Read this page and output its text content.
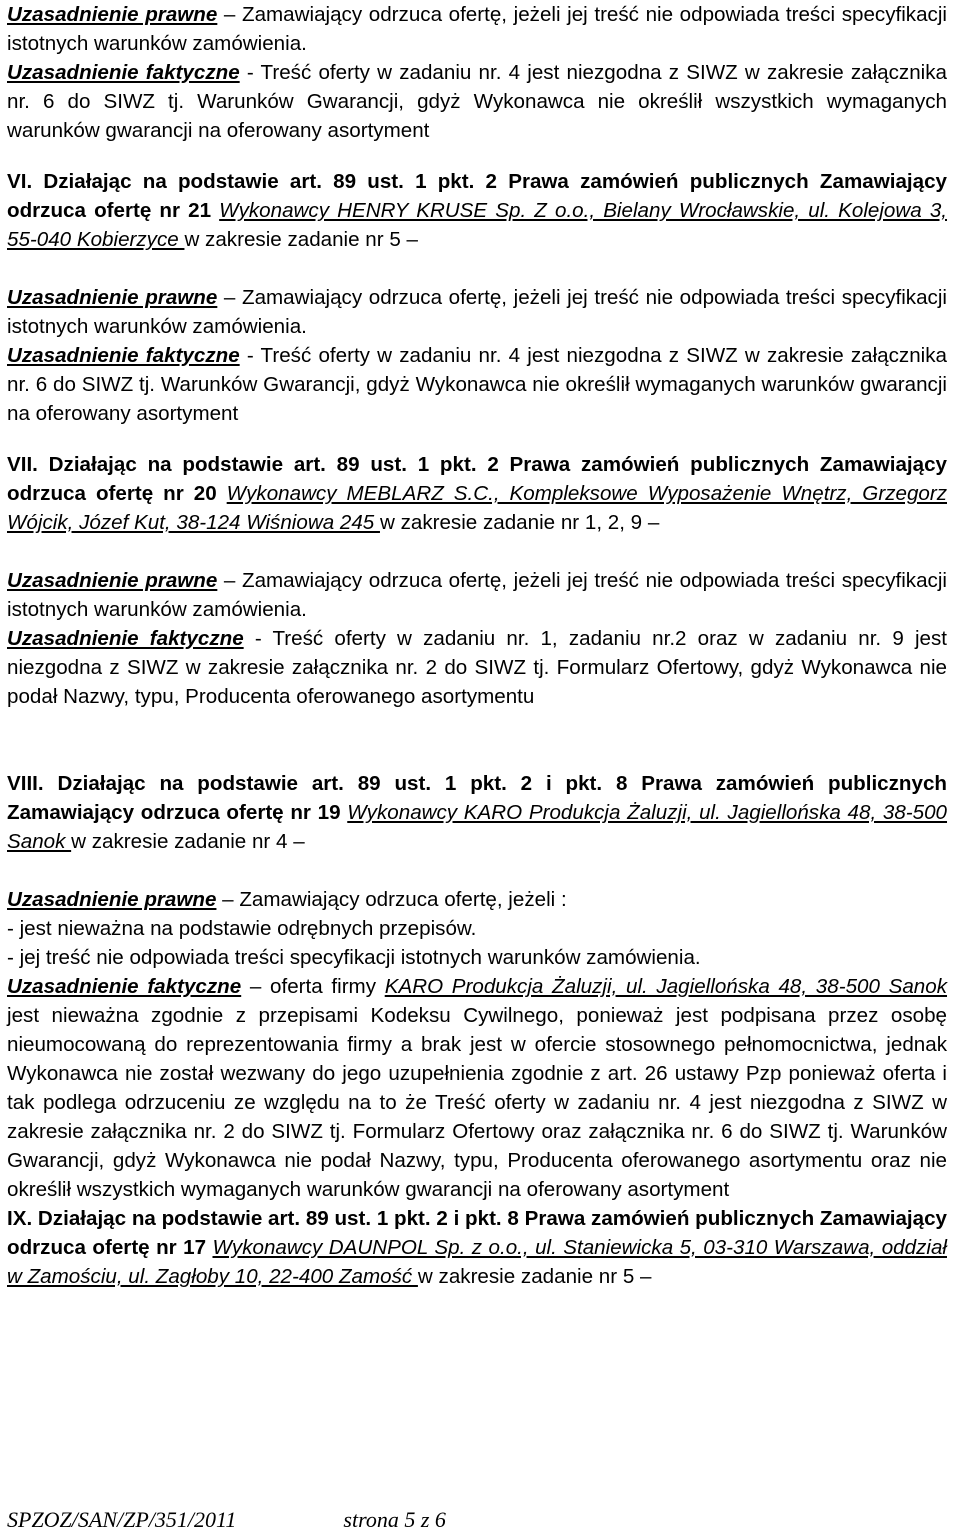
Uzasadnienie prawne – Zamawiający odrzuca ofertę, jeżeli jej treść nie odpowiada treści specyfikacji istotnych warunków zamówienia.
Uzasadnienie faktyczne - Treść oferty w zadaniu nr. 4 jest niezgodna z SIWZ w zakresie załącznika nr. 6 do SIWZ tj. Warunków Gwarancji, gdyż Wykonawca nie określił wszystkich wymaganych warunków gwarancji na oferowany asortyment
VI. Działając na podstawie art. 89 ust. 1 pkt. 2 Prawa zamówień publicznych Zamawiający odrzuca ofertę nr 21 Wykonawcy HENRY KRUSE Sp. Z o.o., Bielany Wrocławskie, ul. Kolejowa 3, 55-040 Kobierzyce w zakresie zadanie nr 5 –
Uzasadnienie prawne – Zamawiający odrzuca ofertę, jeżeli jej treść nie odpowiada treści specyfikacji istotnych warunków zamówienia.
Uzasadnienie faktyczne - Treść oferty w zadaniu nr. 4 jest niezgodna z SIWZ w zakresie załącznika nr. 6 do SIWZ tj. Warunków Gwarancji, gdyż Wykonawca nie określił wymaganych warunków gwarancji na oferowany asortyment
VII. Działając na podstawie art. 89 ust. 1 pkt. 2 Prawa zamówień publicznych Zamawiający odrzuca ofertę nr 20 Wykonawcy MEBLARZ S.C., Kompleksowe Wyposażenie Wnętrz, Grzegorz Wójcik, Józef Kut, 38-124 Wiśniowa 245 w zakresie zadanie nr 1, 2, 9 –
Uzasadnienie prawne – Zamawiający odrzuca ofertę, jeżeli jej treść nie odpowiada treści specyfikacji istotnych warunków zamówienia.
Uzasadnienie faktyczne - Treść oferty w zadaniu nr. 1, zadaniu nr.2 oraz w zadaniu nr. 9 jest niezgodna z SIWZ w zakresie załącznika nr. 2 do SIWZ tj. Formularz Ofertowy, gdyż Wykonawca nie podał Nazwy, typu, Producenta oferowanego asortymentu
VIII. Działając na podstawie art. 89 ust. 1 pkt. 2 i pkt. 8 Prawa zamówień publicznych Zamawiający odrzuca ofertę nr 19 Wykonawcy KARO Produkcja Żaluzji, ul. Jagiellońska 48, 38-500 Sanok w zakresie zadanie nr 4 –
Uzasadnienie prawne – Zamawiający odrzuca ofertę, jeżeli :
- jest nieważna na podstawie odrębnych przepisów.
- jej treść nie odpowiada treści specyfikacji istotnych warunków zamówienia.
Uzasadnienie faktyczne – oferta firmy KARO Produkcja Żaluzji, ul. Jagiellońska 48, 38-500 Sanok jest nieważna zgodnie z przepisami Kodeksu Cywilnego, ponieważ jest podpisana przez osobę nieumocowaną do reprezentowania firmy a brak jest w ofercie stosownego pełnomocnictwa, jednak Wykonawca nie został wezwany do jego uzupełnienia zgodnie z art. 26 ustawy Pzp ponieważ oferta i tak podlega odrzuceniu ze względu na to że Treść oferty w zadaniu nr. 4 jest niezgodna z SIWZ w zakresie załącznika nr. 2 do SIWZ tj. Formularz Ofertowy oraz załącznika nr. 6 do SIWZ tj. Warunków Gwarancji, gdyż Wykonawca nie podał Nazwy, typu, Producenta oferowanego asortymentu oraz nie określił wszystkich wymaganych warunków gwarancji na oferowany asortyment
IX. Działając na podstawie art. 89 ust. 1 pkt. 2 i pkt. 8 Prawa zamówień publicznych Zamawiający odrzuca ofertę nr 17 Wykonawcy DAUNPOL Sp. z o.o., ul. Staniewicka 5, 03-310 Warszawa, oddział w Zamościu, ul. Zagłoby 10, 22-400 Zamość w zakresie zadanie nr 5 –
SPZOZ/SAN/ZP/351/2011	strona 5 z 6
